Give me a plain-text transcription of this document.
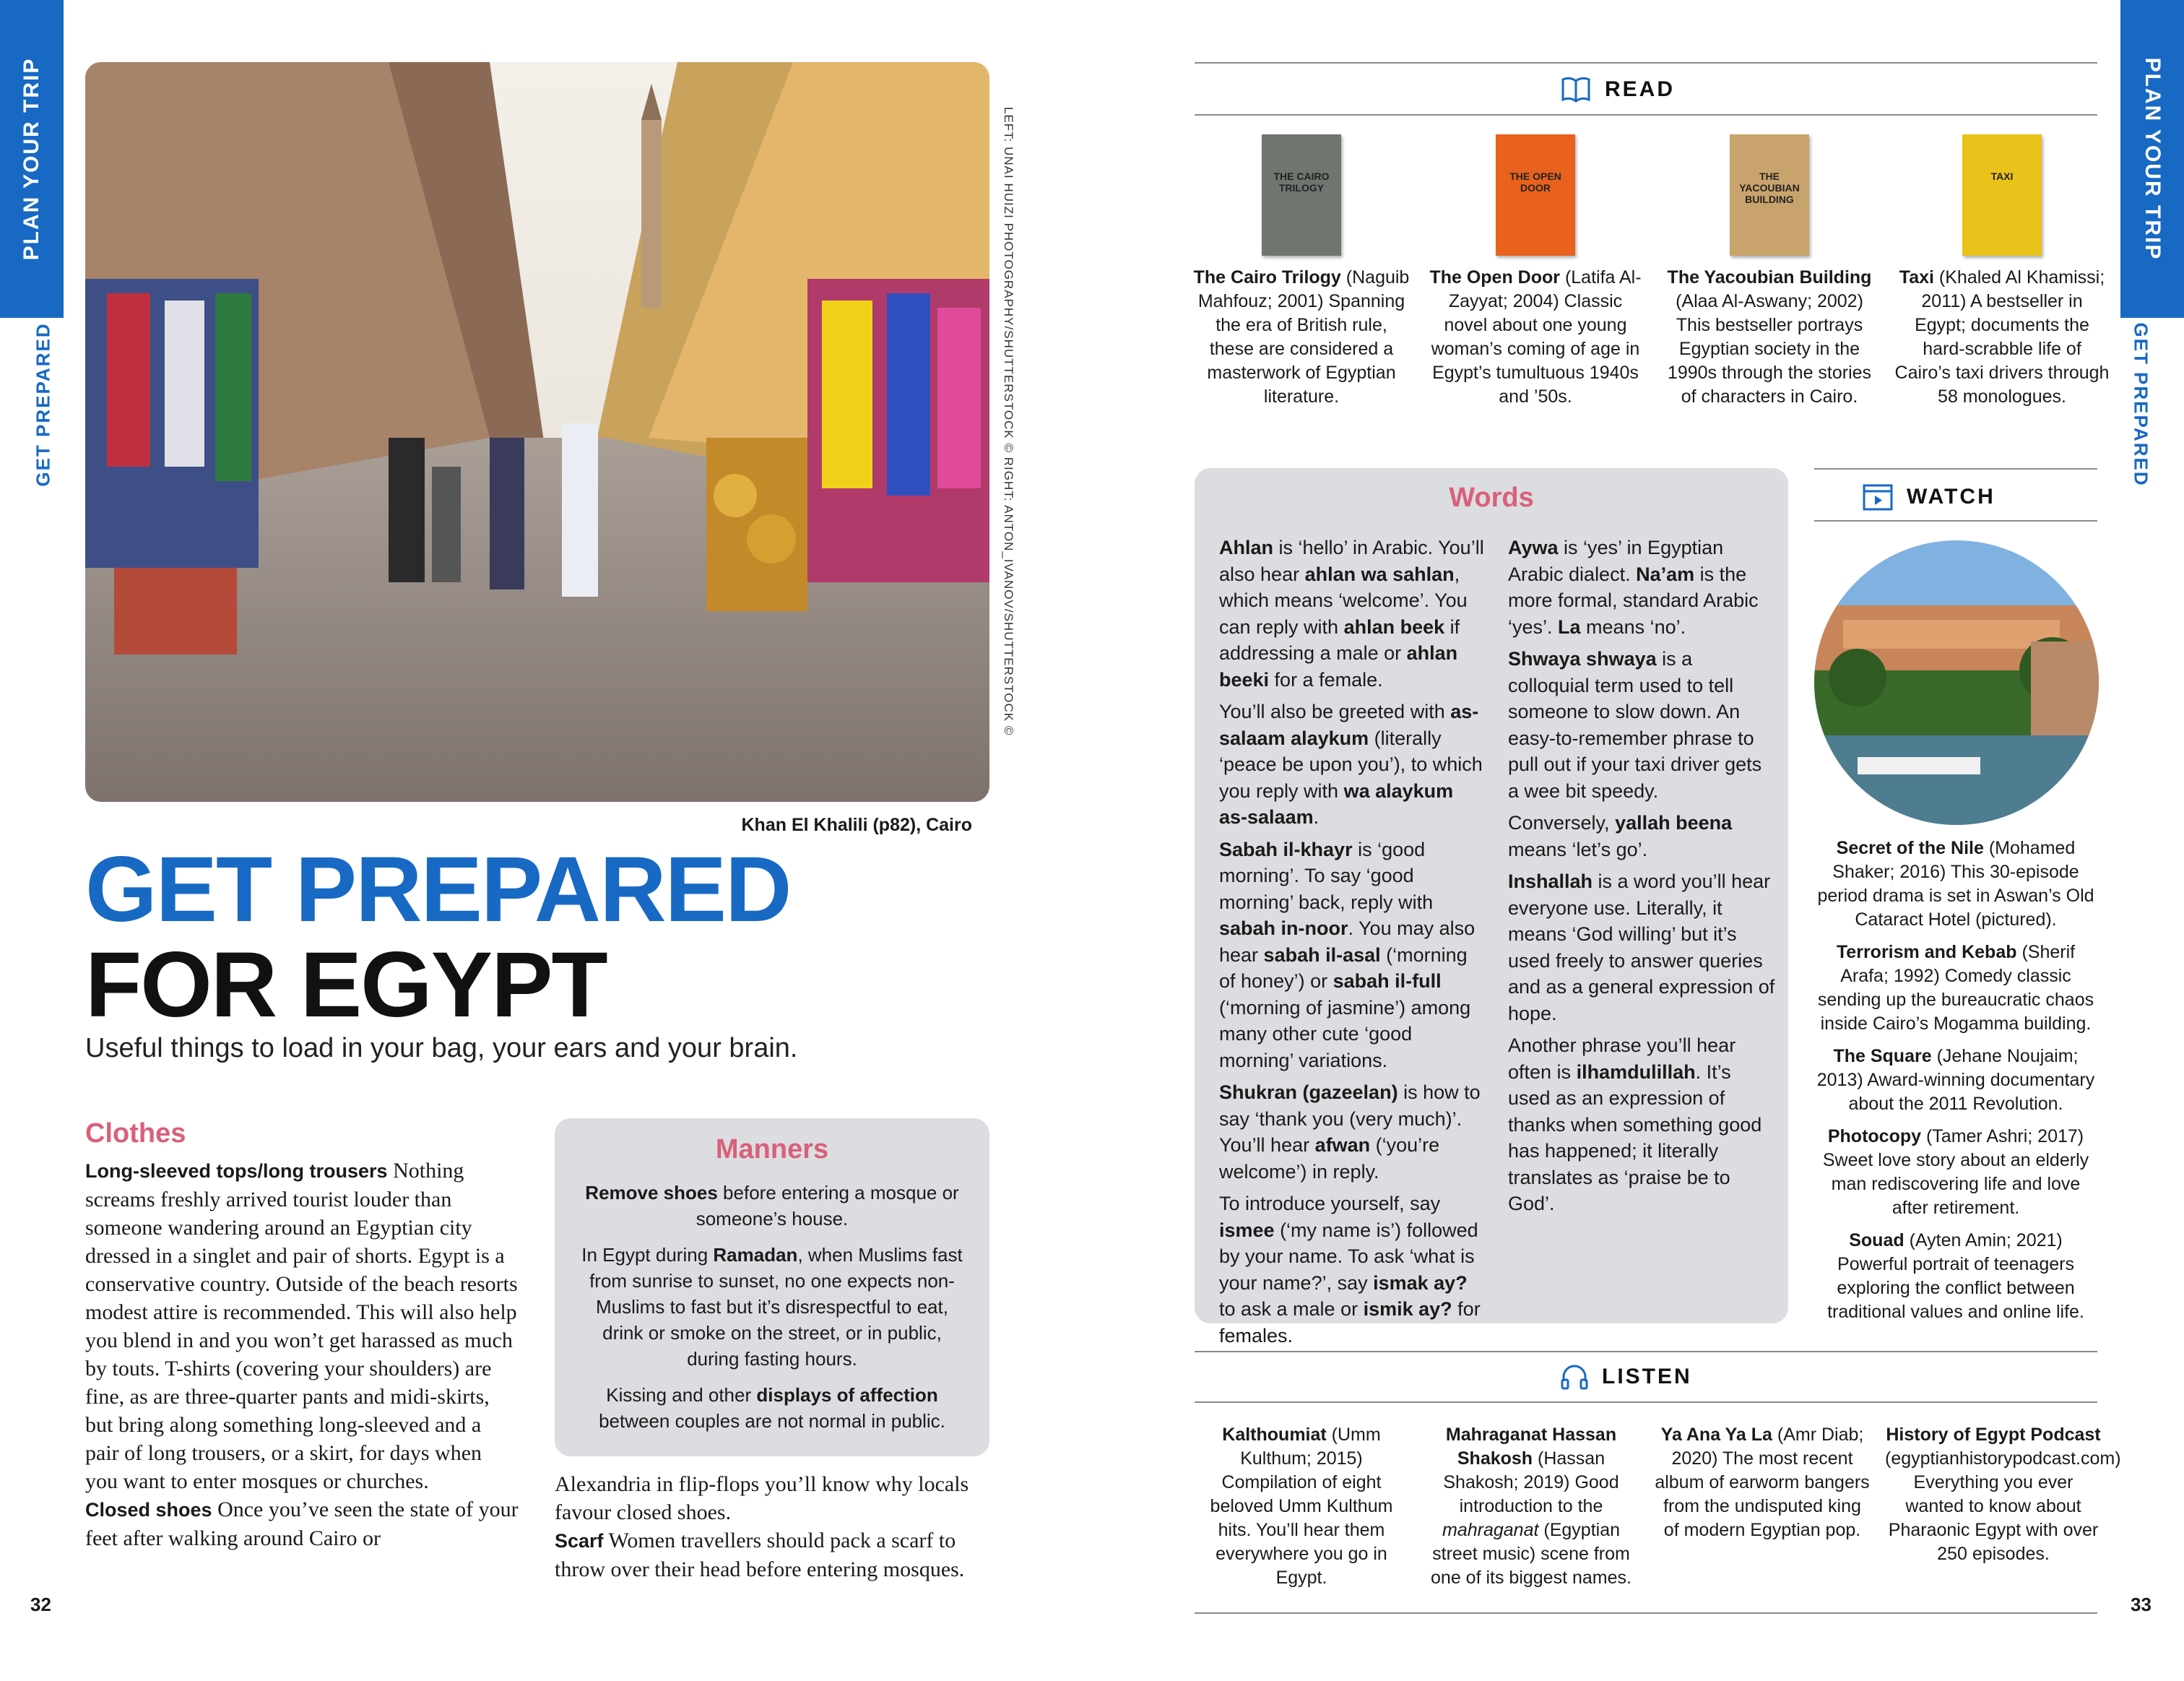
PLAN YOUR TRIP
GET PREPARED
PLAN YOUR TRIP
GET PREPARED
LEFT: UNAI HUIZI PHOTOGRAPHY/SHUTTERSTOCK © RIGHT: ANTON_IVANOV/SHUTTERSTOCK ©
Khan El Khalili (p82), Cairo
GET PREPARED
FOR EGYPT
Useful things to load in your bag, your ears and your brain.
Clothes

Long-sleeved tops/long trousers Nothing screams freshly arrived tourist louder than someone wandering around an Egyptian city dressed in a singlet and pair of shorts. Egypt is a conservative country. Outside of the beach resorts modest attire is recommended. This will also help you blend in and you won’t get harassed as much by touts. T-shirts (covering your shoulders) are fine, as are three-quarter pants and midi-skirts, but bring along something long-sleeved and a pair of long trousers, or a skirt, for days when you want to enter mosques or churches.

Closed shoes Once you’ve seen the state of your feet after walking around Cairo or

Manners

Remove shoes before entering a mosque or someone’s house.

In Egypt during Ramadan, when Muslims fast from sunrise to sunset, no one expects non-Muslims to fast but it’s disrespectful to eat, drink or smoke on the street, or in public, during fasting hours.

Kissing and other displays of affection between couples are not normal in public.

Alexandria in flip-flops you’ll know why locals favour closed shoes.

Scarf Women travellers should pack a scarf to throw over their head before entering mosques.

32	33
READ
THE CAIRO TRILOGY
The Cairo Trilogy (Naguib Mahfouz; 2001) Spanning the era of British rule, these are considered a masterwork of Egyptian literature.
THE OPEN DOOR
The Open Door (Latifa Al-Zayyat; 2004) Classic novel about one young woman’s coming of age in Egypt’s tumultuous 1940s and ’50s.
THE YACOUBIAN BUILDING
The Yacoubian Building (Alaa Al-Aswany; 2002) This bestseller portrays Egyptian society in the 1990s through the stories of characters in Cairo.
TAXI
Taxi (Khaled Al Khamissi; 2011) A bestseller in Egypt; documents the hard-scrabble life of Cairo’s taxi drivers through 58 monologues.
Words

Ahlan is ‘hello’ in Arabic. You’ll also hear ahlan wa sahlan, which means ‘welcome’. You can reply with ahlan beek if addressing a male or ahlan beeki for a female.

You’ll also be greeted with as-salaam alaykum (literally ‘peace be upon you’), to which you reply with wa alaykum as-salaam.

Sabah il-khayr is ‘good morning’. To say ‘good morning’ back, reply with sabah in-noor. You may also hear sabah il-asal (‘morning of honey’) or sabah il-full (‘morning of jasmine’) among many other cute ‘good morning’ variations.

Shukran (gazeelan) is how to say ‘thank you (very much)’. You’ll hear afwan (‘you’re welcome’) in reply.

To introduce yourself, say ismee (‘my name is’) followed by your name. To ask ‘what is your name?’, say ismak ay? to ask a male or ismik ay? for females.

Aywa is ‘yes’ in Egyptian Arabic dialect. Na’am is the more formal, standard Arabic ‘yes’. La means ‘no’.

Shwaya shwaya is a colloquial term used to tell someone to slow down. An easy-to-remember phrase to pull out if your taxi driver gets a wee bit speedy.

Conversely, yallah beena means ‘let’s go’.

Inshallah is a word you’ll hear everyone use. Literally, it means ‘God willing’ but it’s used freely to answer queries and as a general expression of hope.

Another phrase you’ll hear often is ilhamdulillah. It’s used as an expression of thanks when something good has happened; it literally translates as ‘praise be to God’.

WATCH

Secret of the Nile (Mohamed Shaker; 2016) This 30-episode period drama is set in Aswan’s Old Cataract Hotel (pictured).

Terrorism and Kebab (Sherif Arafa; 1992) Comedy classic sending up the bureaucratic chaos inside Cairo’s Mogamma building.

The Square (Jehane Noujaim; 2013) Award-winning documentary about the 2011 Revolution.

Photocopy (Tamer Ashri; 2017) Sweet love story about an elderly man rediscovering life and love after retirement.

Souad (Ayten Amin; 2021) Powerful portrait of teenagers exploring the conflict between traditional values and online life.

LISTEN
Kalthoumiat (Umm Kulthum; 2015) Compilation of eight beloved Umm Kulthum hits. You’ll hear them everywhere you go in Egypt.
Mahraganat Hassan Shakosh (Hassan Shakosh; 2019) Good introduction to the mahraganat (Egyptian street music) scene from one of its biggest names.
Ya Ana Ya La (Amr Diab; 2020) The most recent album of earworm bangers from the undisputed king of modern Egyptian pop.
History of Egypt Podcast (egyptianhistorypodcast.com) Everything you ever wanted to know about Pharaonic Egypt with over 250 episodes.
